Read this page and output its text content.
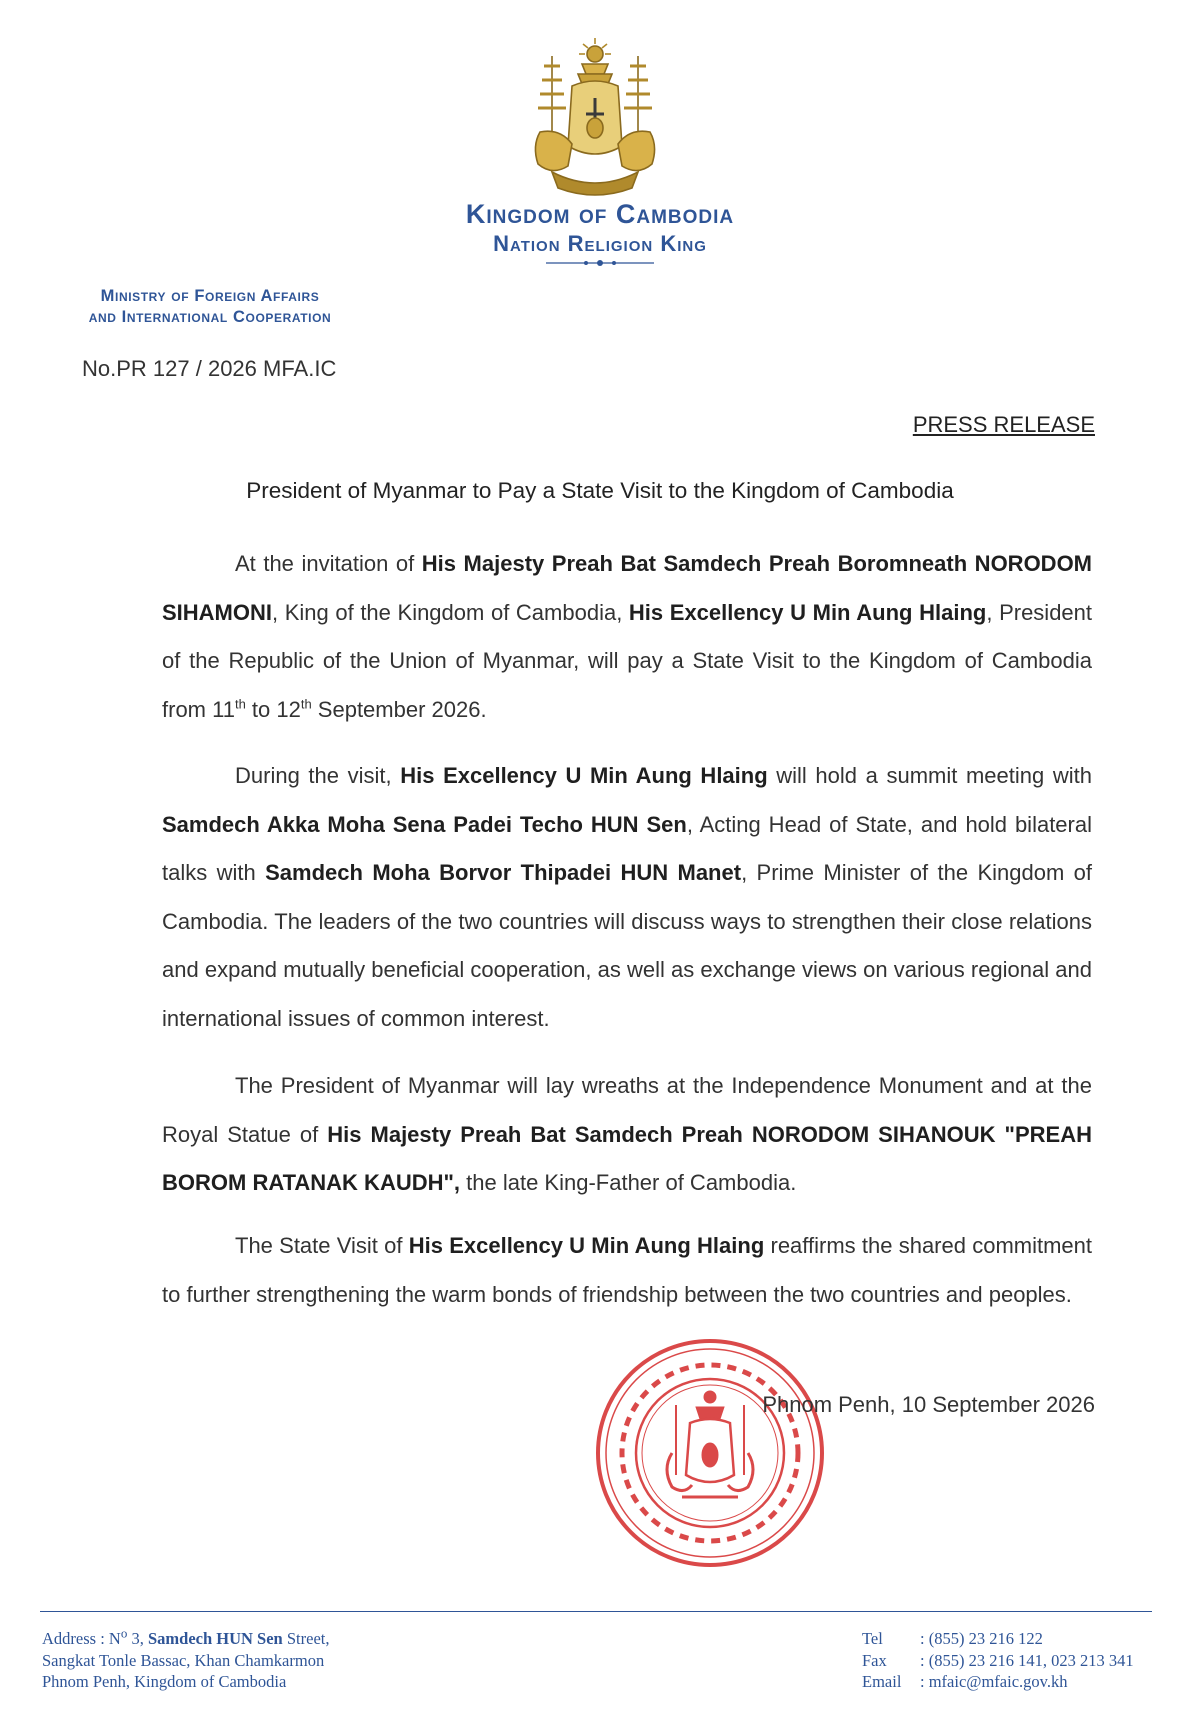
Kingdom of Cambodia
Nation Religion King
Ministry of Foreign Affairs
and International Cooperation
No.PR 127 / 2026 MFA.IC
PRESS RELEASE
President of Myanmar to Pay a State Visit to the Kingdom of Cambodia

At the invitation of His Majesty Preah Bat Samdech Preah Boromneath NORODOM SIHAMONI, King of the Kingdom of Cambodia, His Excellency U Min Aung Hlaing, President of the Republic of the Union of Myanmar, will pay a State Visit to the Kingdom of Cambodia from 11th to 12th September 2026.

During the visit, His Excellency U Min Aung Hlaing will hold a summit meeting with Samdech Akka Moha Sena Padei Techo HUN Sen, Acting Head of State, and hold bilateral talks with Samdech Moha Borvor Thipadei HUN Manet, Prime Minister of the Kingdom of Cambodia. The leaders of the two countries will discuss ways to strengthen their close relations and expand mutually beneficial cooperation, as well as exchange views on various regional and international issues of common interest.

The President of Myanmar will lay wreaths at the Independence Monument and at the Royal Statue of His Majesty Preah Bat Samdech Preah NORODOM SIHANOUK "PREAH BOROM RATANAK KAUDH", the late King-Father of Cambodia.

The State Visit of His Excellency U Min Aung Hlaing reaffirms the shared commitment to further strengthening the warm bonds of friendship between the two countries and peoples.

Phnom Penh, 10 September 2026
Address : $N^o$ 3, Samdech HUN Sen Street,
Sangkat Tonle Bassac, Khan Chamkarmon
Phnom Penh, Kingdom of Cambodia
Tel : (855) 23 216 122
Fax : (855) 23 216 141, 023 213 341
Email : mfaic@mfaic.gov.kh
